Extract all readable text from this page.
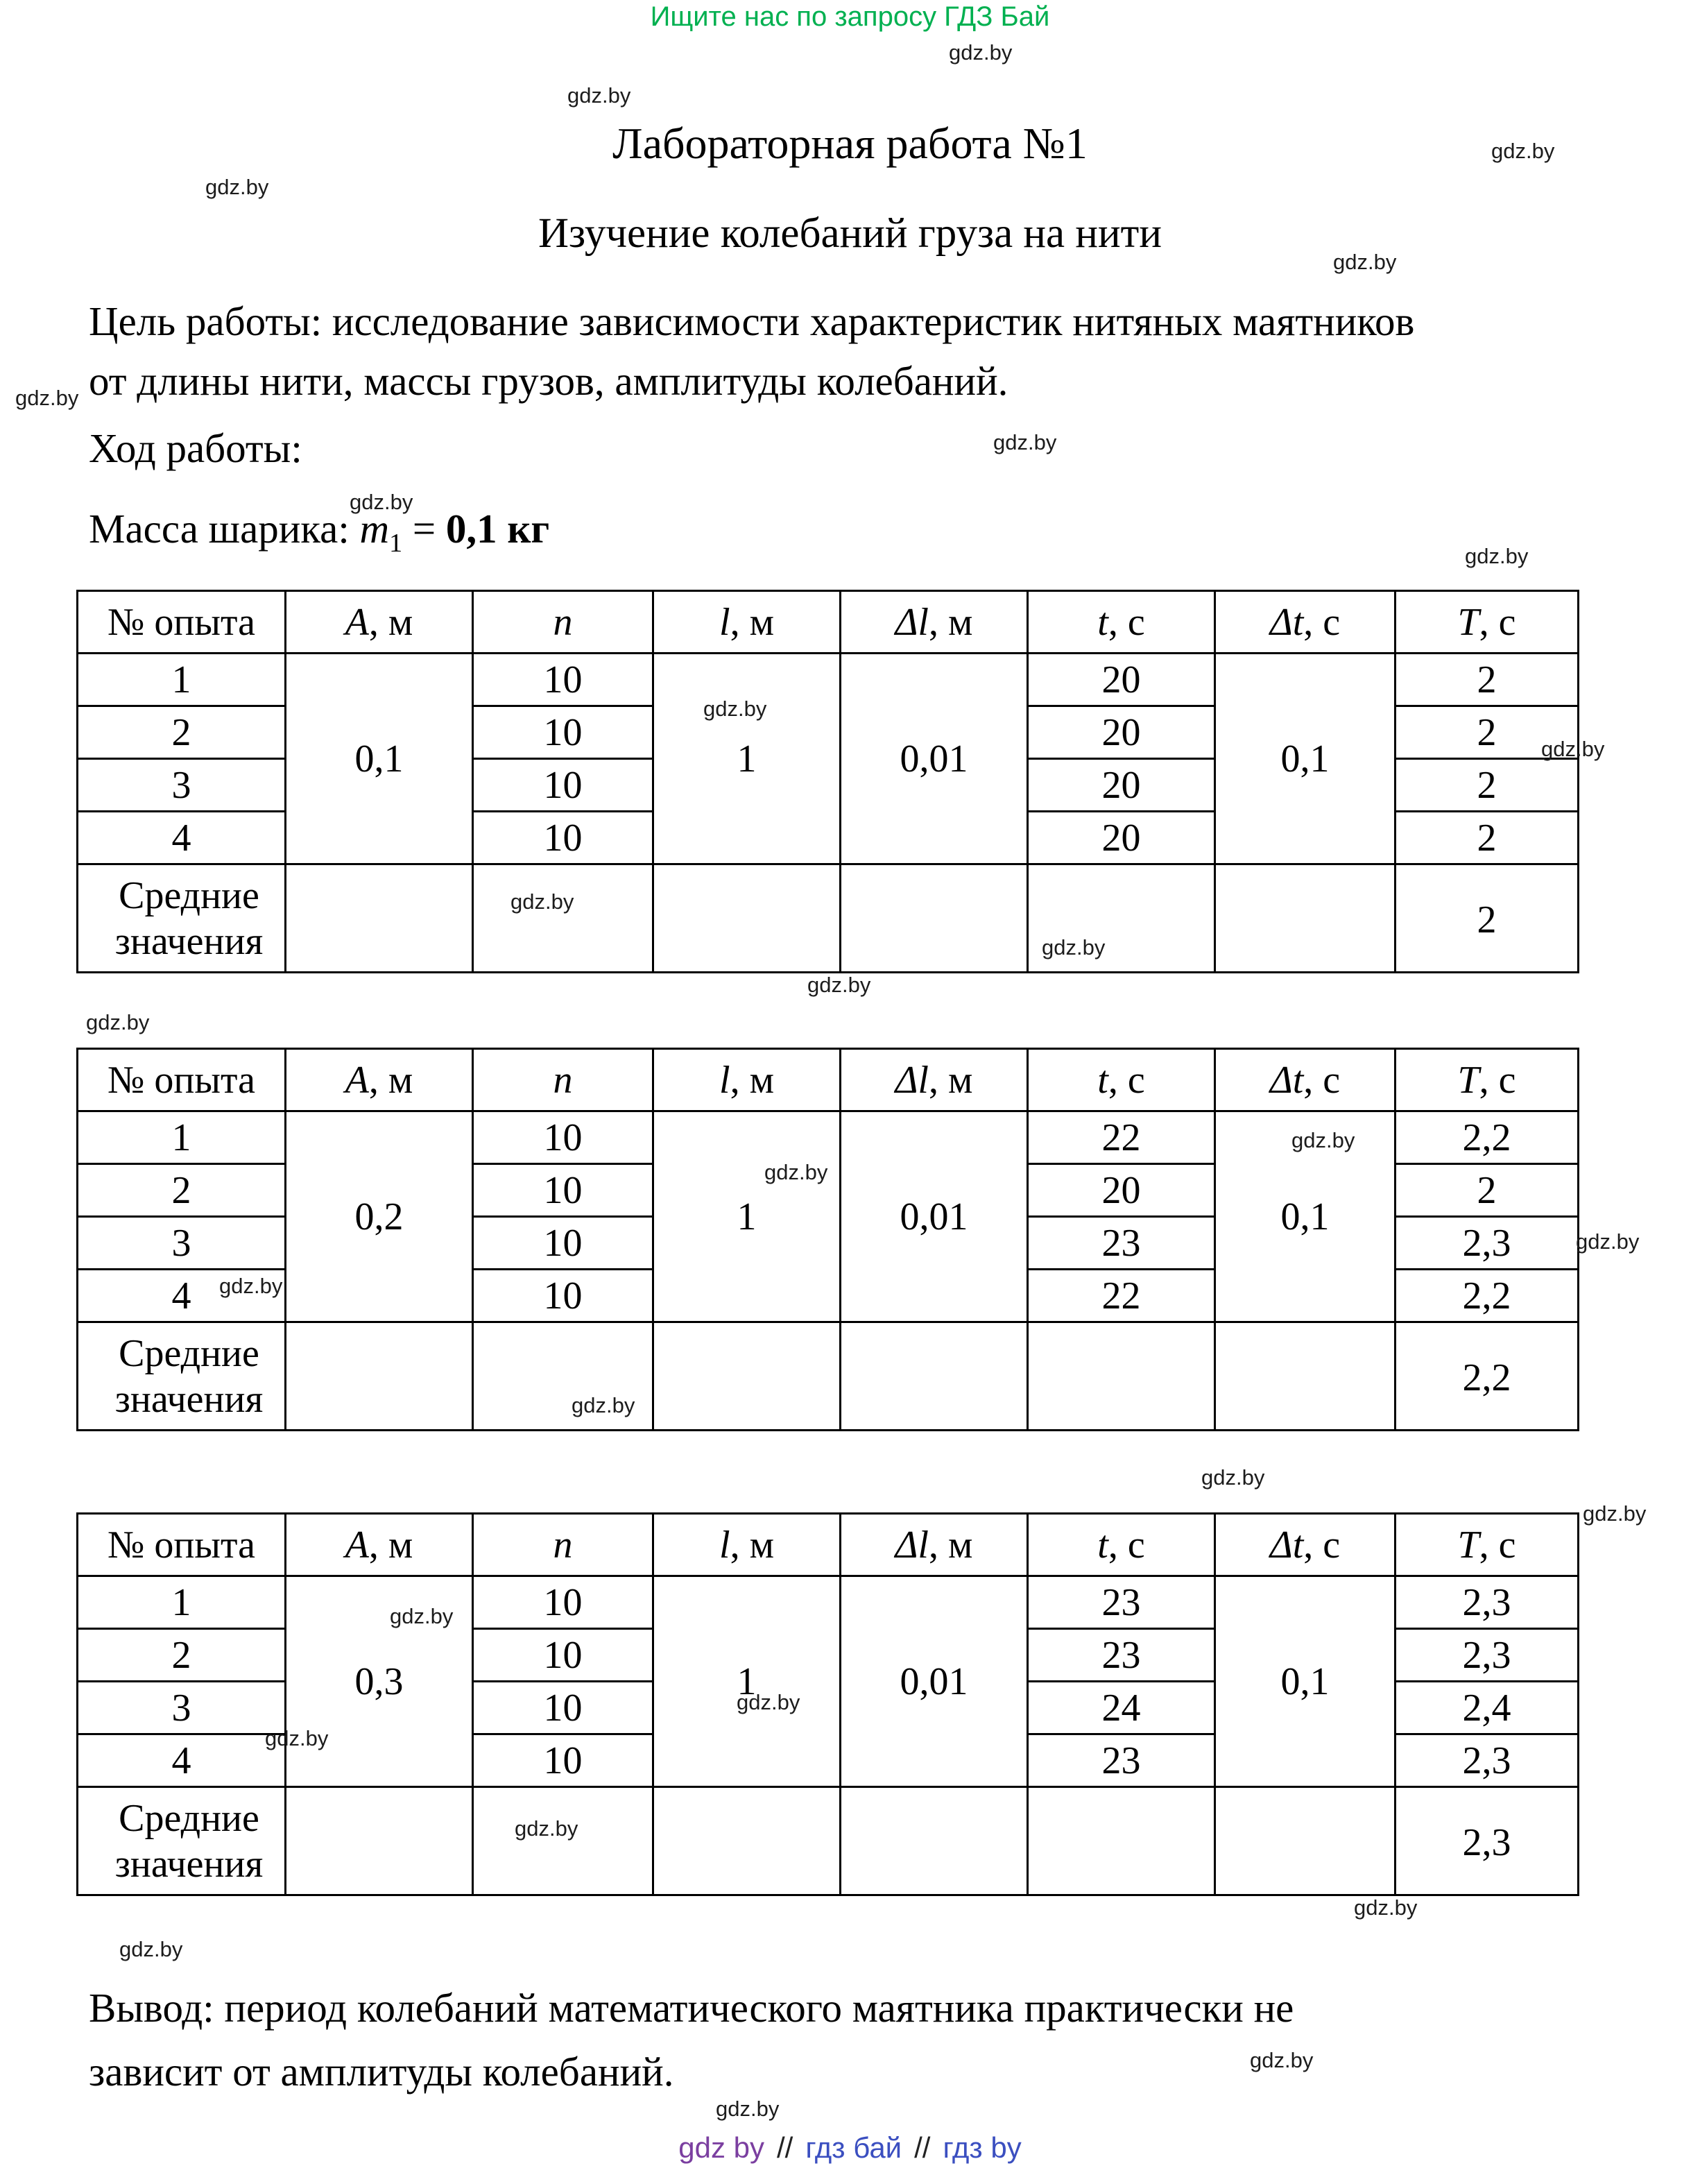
Ищите нас по запросу ГДЗ Бай
Лабораторная работа №1
Изучение колебаний груза на нити
Цель работы: исследование зависимости характеристик нитяных маятников
от длины нити, массы грузов, амплитуды колебаний.
Ход работы:
Масса шарика: $m_1 = 0,1$ кг
№ опыта	A, м	n	l, м	Δl, м	t, с	Δt, с	T, с
1	0,1	10	1	0,01	20	0,1	2
2		10			20		2
3		10			20		2
4		10			20		2

Средние
значения							2
№ опыта	A, м	n	l, м	Δl, м	t, с	Δt, с	T, с
1	0,2	10	1	0,01	22	0,1	2,2
2		10			20		2
3		10			23		2,3
4		10			22		2,2

Средние
значения							2,2
№ опыта	A, м	n	l, м	Δl, м	t, с	Δt, с	T, с
1	0,3	10	1	0,01	23	0,1	2,3
2		10			23		2,3
3		10			24		2,4
4		10			23		2,3

Средние
значения							2,3
Вывод: период колебаний математического маятника практически не
зависит от амплитуды колебаний.
gdz by // гдз бай // гдз by
gdz.by
gdz.by
gdz.by
gdz.by
gdz.by
gdz.by
gdz.by
gdz.by
gdz.by
gdz.by
gdz.by
gdz.by
gdz.by
gdz.by
gdz.by
gdz.by
gdz.by
gdz.by
gdz.by
gdz.by
gdz.by
gdz.by
gdz.by
gdz.by
gdz.by
gdz.by
gdz.by
gdz.by
gdz.by
gdz.by
